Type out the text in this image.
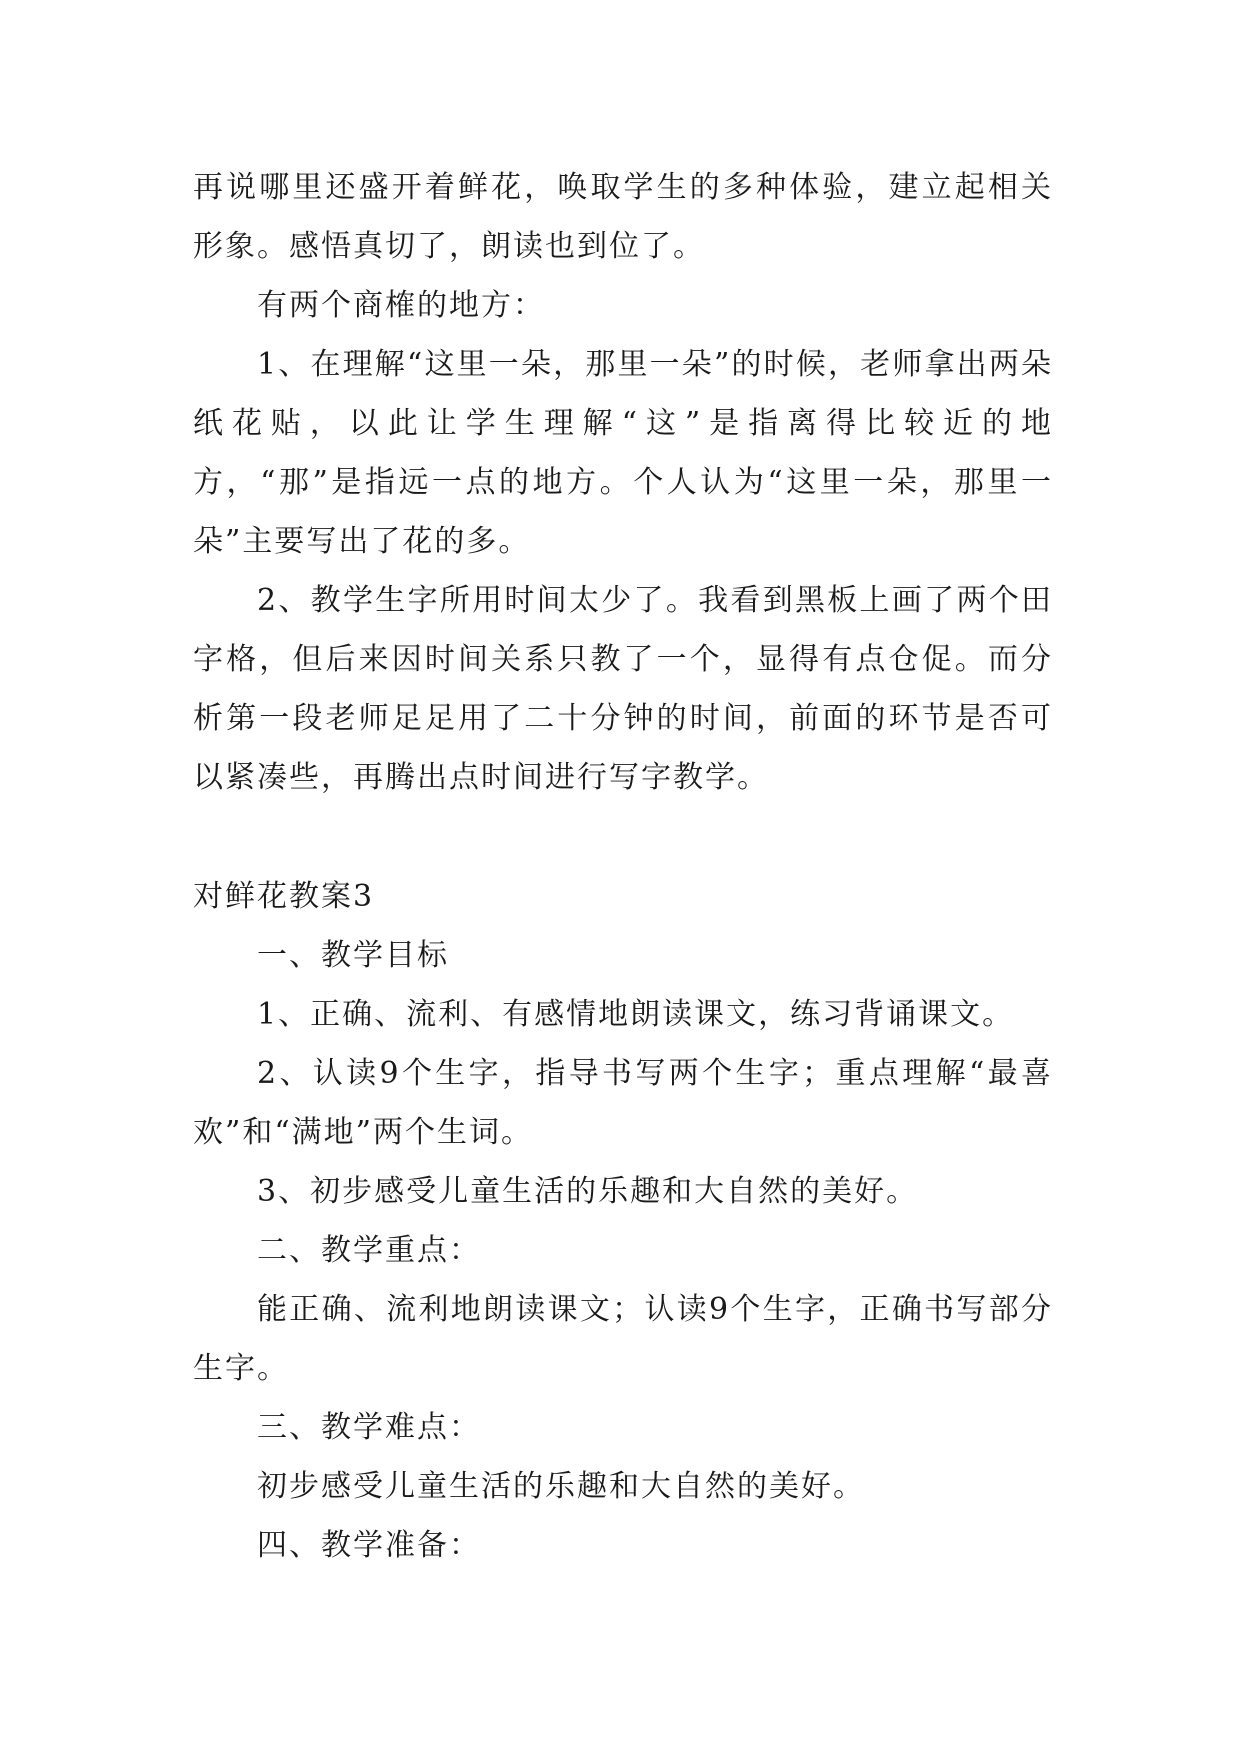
再说哪里还盛开着鲜花，唤取学生的多种体验，建立起相关形象。感悟真切了，朗读也到位了。

有两个商榷的地方：

1、在理解“这里一朵，那里一朵”的时候，老师拿出两朵纸花贴，以此让学生理解“这”是指离得比较近的地方，“那”是指远一点的地方。个人认为“这里一朵，那里一朵”主要写出了花的多。

2、教学生字所用时间太少了。我看到黑板上画了两个田字格，但后来因时间关系只教了一个，显得有点仓促。而分析第一段老师足足用了二十分钟的时间，前面的环节是否可以紧凑些，再腾出点时间进行写字教学。

对鲜花教案3

一、教学目标

1、正确、流利、有感情地朗读课文，练习背诵课文。

2、认读9个生字，指导书写两个生字；重点理解“最喜欢”和“满地”两个生词。

3、初步感受儿童生活的乐趣和大自然的美好。

二、教学重点：

能正确、流利地朗读课文；认读9个生字，正确书写部分生字。

三、教学难点：

初步感受儿童生活的乐趣和大自然的美好。

四、教学准备：
